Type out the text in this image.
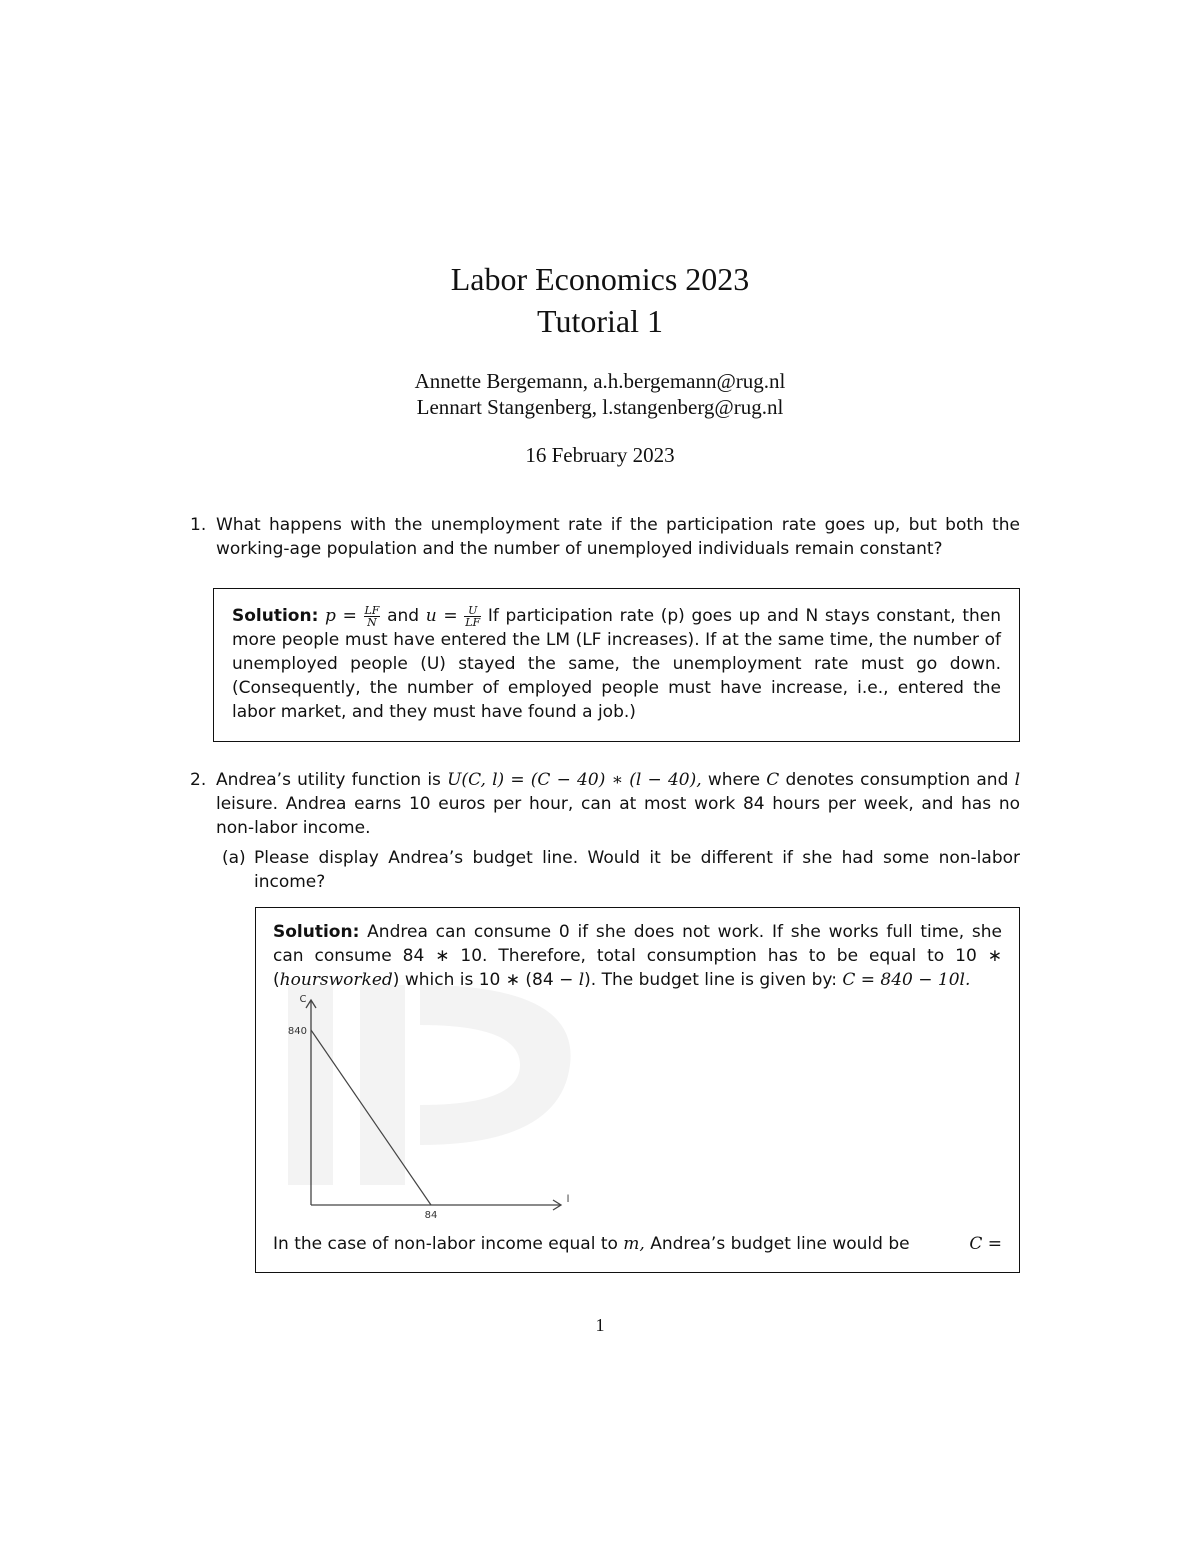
Labor Economics 2023
Tutorial 1
Annette Bergemann, a.h.bergemann@rug.nl
Lennart Stangenberg, l.stangenberg@rug.nl
16 February 2023
1. What happens with the unemployment rate if the participation rate goes up, but both the working-age population and the number of unemployed individuals remain constant?

Solution: $p = \frac{LF}{N}$ and $u = \frac{U}{LF}$ If participation rate (p) goes up and N stays constant, then more people must have entered the LM (LF increases). If at the same time, the number of unemployed people (U) stayed the same, the unemployment rate must go down. (Consequently, the number of employed people must have increase, i.e., entered the labor market, and they must have found a job.)

2. Andrea’s utility function is U(C, l) = (C − 40) ∗ (l − 40), where C denotes consumption and l leisure. Andrea earns 10 euros per hour, can at most work 84 hours per week, and has no non-labor income.
(a) Please display Andrea’s budget line. Would it be different if she had some non-labor income?

Solution: Andrea can consume 0 if she does not work. If she works full time, she can consume 84 ∗ 10. Therefore, total consumption has to be equal to 10 ∗ (hoursworked) which is 10 ∗ (84 − l). The budget line is given by: C = 840 − 10l.

840
84
C
l

In the case of non-labor income equal to m, Andrea’s budget line would be	C =

1
